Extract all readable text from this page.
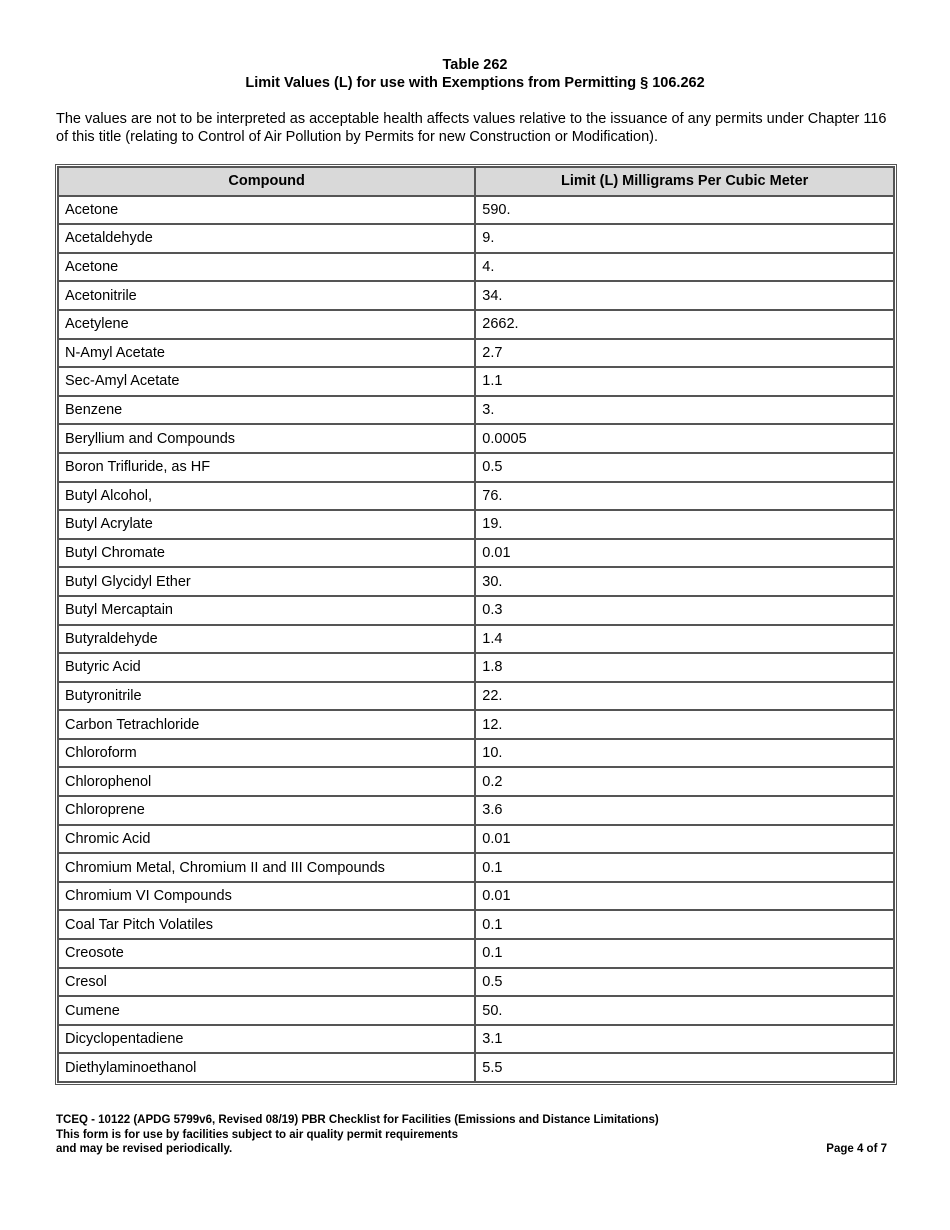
Table 262
Limit Values (L) for use with Exemptions from Permitting § 106.262
The values are not to be interpreted as acceptable health affects values relative to the issuance of any permits under Chapter 116 of this title (relating to Control of Air Pollution by Permits for new Construction or Modification).
Compound	Limit (L) Milligrams Per Cubic Meter
Acetone	590.
Acetaldehyde	9.
Acetone	4.
Acetonitrile	34.
Acetylene	2662.
N-Amyl Acetate	2.7
Sec-Amyl Acetate	1.1
Benzene	3.
Beryllium and Compounds	0.0005
Boron Trifluride, as HF	0.5
Butyl Alcohol,	76.
Butyl Acrylate	19.
Butyl Chromate	0.01
Butyl Glycidyl Ether	30.
Butyl Mercaptain	0.3
Butyraldehyde	1.4
Butyric Acid	1.8
Butyronitrile	22.
Carbon Tetrachloride	12.
Chloroform	10.
Chlorophenol	0.2
Chloroprene	3.6
Chromic Acid	0.01
Chromium Metal, Chromium II and III Compounds	0.1
Chromium VI Compounds	0.01
Coal Tar Pitch Volatiles	0.1
Creosote	0.1
Cresol	0.5
Cumene	50.
Dicyclopentadiene	3.1
Diethylaminoethanol	5.5
TCEQ - 10122 (APDG 5799v6, Revised 08/19) PBR Checklist for Facilities (Emissions and Distance Limitations)
This form is for use by facilities subject to air quality permit requirements
and may be revised periodically.	Page 4 of 7
